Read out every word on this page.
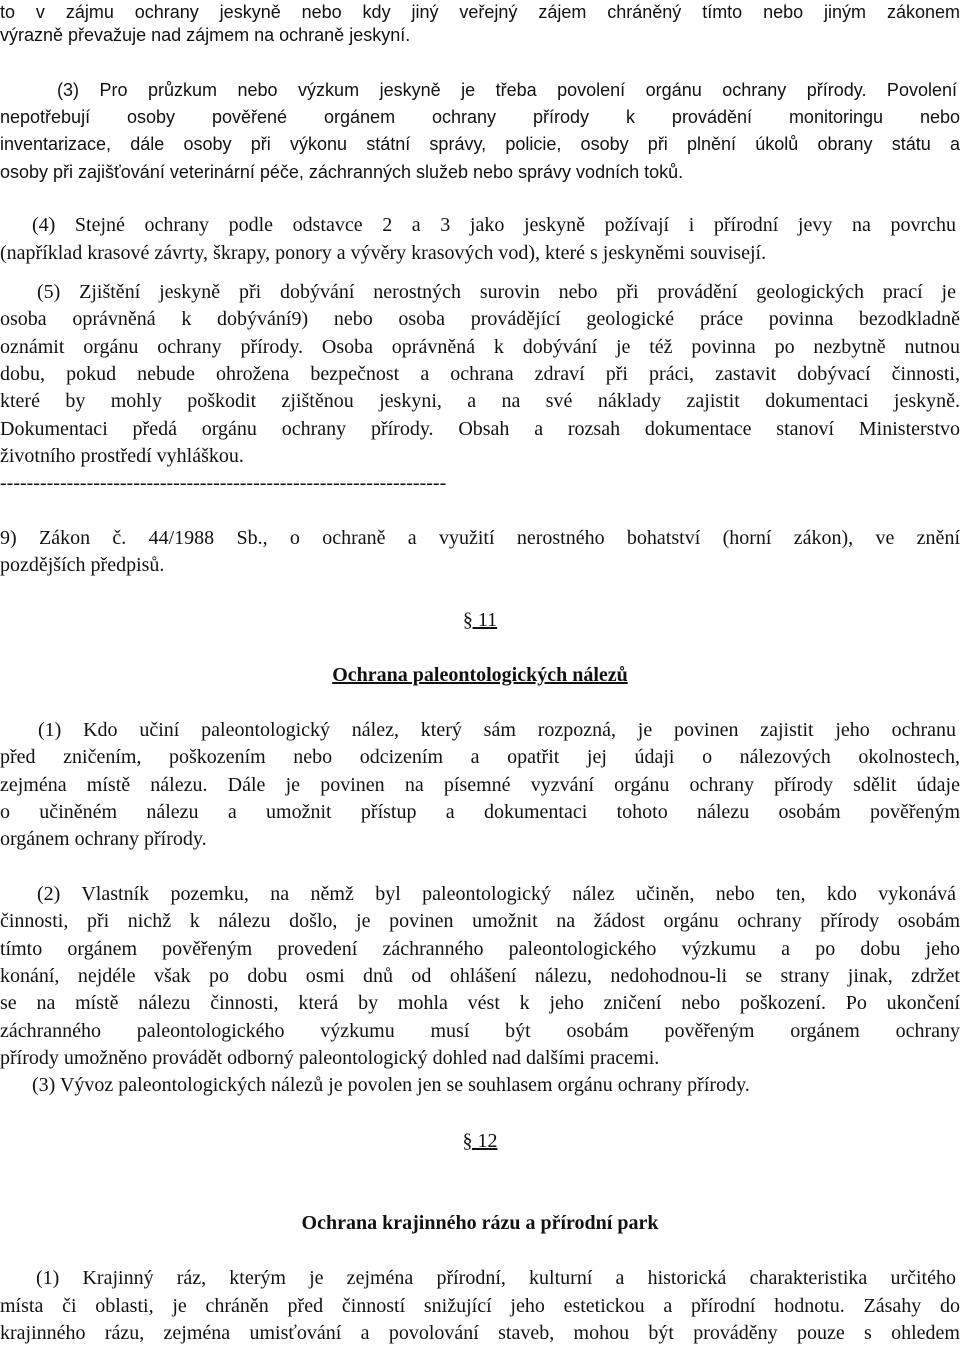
to v zájmu ochrany jeskyně nebo kdy jiný veřejný zájem chráněný tímto nebo jiným zákonem

výrazně převažuje nad zájmem na ochraně jeskyní.

(3) Pro průzkum nebo výzkum jeskyně je třeba povolení orgánu ochrany přírody. Povolení

nepotřebují osoby pověřené orgánem ochrany přírody k provádění monitoringu nebo

inventarizace, dále osoby při výkonu státní správy, policie, osoby při plnění úkolů obrany státu a

osoby při zajišťování veterinární péče, záchranných služeb nebo správy vodních toků.

(4) Stejné ochrany podle odstavce 2 a 3 jako jeskyně požívají i přírodní jevy na povrchu

(například krasové závrty, škrapy, ponory a vývěry krasových vod), které s jeskyněmi souvisejí.

(5) Zjištění jeskyně při dobývání nerostných surovin nebo při provádění geologických prací je

osoba oprávněná k dobývání9) nebo osoba provádějící geologické práce povinna bezodkladně

oznámit orgánu ochrany přírody. Osoba oprávněná k dobývání je též povinna po nezbytně nutnou

dobu, pokud nebude ohrožena bezpečnost a ochrana zdraví při práci, zastavit dobývací činnosti,

které by mohly poškodit zjištěnou jeskyni, a na své náklady zajistit dokumentaci jeskyně.

Dokumentaci předá orgánu ochrany přírody. Obsah a rozsah dokumentace stanoví Ministerstvo

životního prostředí vyhláškou.

-------------------------------------------------------------------

9) Zákon č. 44/1988 Sb., o ochraně a využití nerostného bohatství (horní zákon), ve znění

pozdějších předpisů.

§ 11

Ochrana paleontologických nálezů

(1) Kdo učiní paleontologický nález, který sám rozpozná, je povinen zajistit jeho ochranu

před zničením, poškozením nebo odcizením a opatřit jej údaji o nálezových okolnostech,

zejména místě nálezu. Dále je povinen na písemné vyzvání orgánu ochrany přírody sdělit údaje

o učiněném nálezu a umožnit přístup a dokumentaci tohoto nálezu osobám pověřeným

orgánem ochrany přírody.

(2) Vlastník pozemku, na němž byl paleontologický nález učiněn, nebo ten, kdo vykonává

činnosti, při nichž k nálezu došlo, je povinen umožnit na žádost orgánu ochrany přírody osobám

tímto orgánem pověřeným provedení záchranného paleontologického výzkumu a po dobu jeho

konání, nejdéle však po dobu osmi dnů od ohlášení nálezu, nedohodnou-li se strany jinak, zdržet

se na místě nálezu činnosti, která by mohla vést k jeho zničení nebo poškození. Po ukončení

záchranného paleontologického výzkumu musí být osobám pověřeným orgánem ochrany

přírody umožněno provádět odborný paleontologický dohled nad dalšími pracemi.

(3) Vývoz paleontologických nálezů je povolen jen se souhlasem orgánu ochrany přírody.

§ 12

Ochrana krajinného rázu a přírodní park

(1) Krajinný ráz, kterým je zejména přírodní, kulturní a historická charakteristika určitého

místa či oblasti, je chráněn před činností snižující jeho estetickou a přírodní hodnotu. Zásahy do

krajinného rázu, zejména umisťování a povolování staveb, mohou být prováděny pouze s ohledem
